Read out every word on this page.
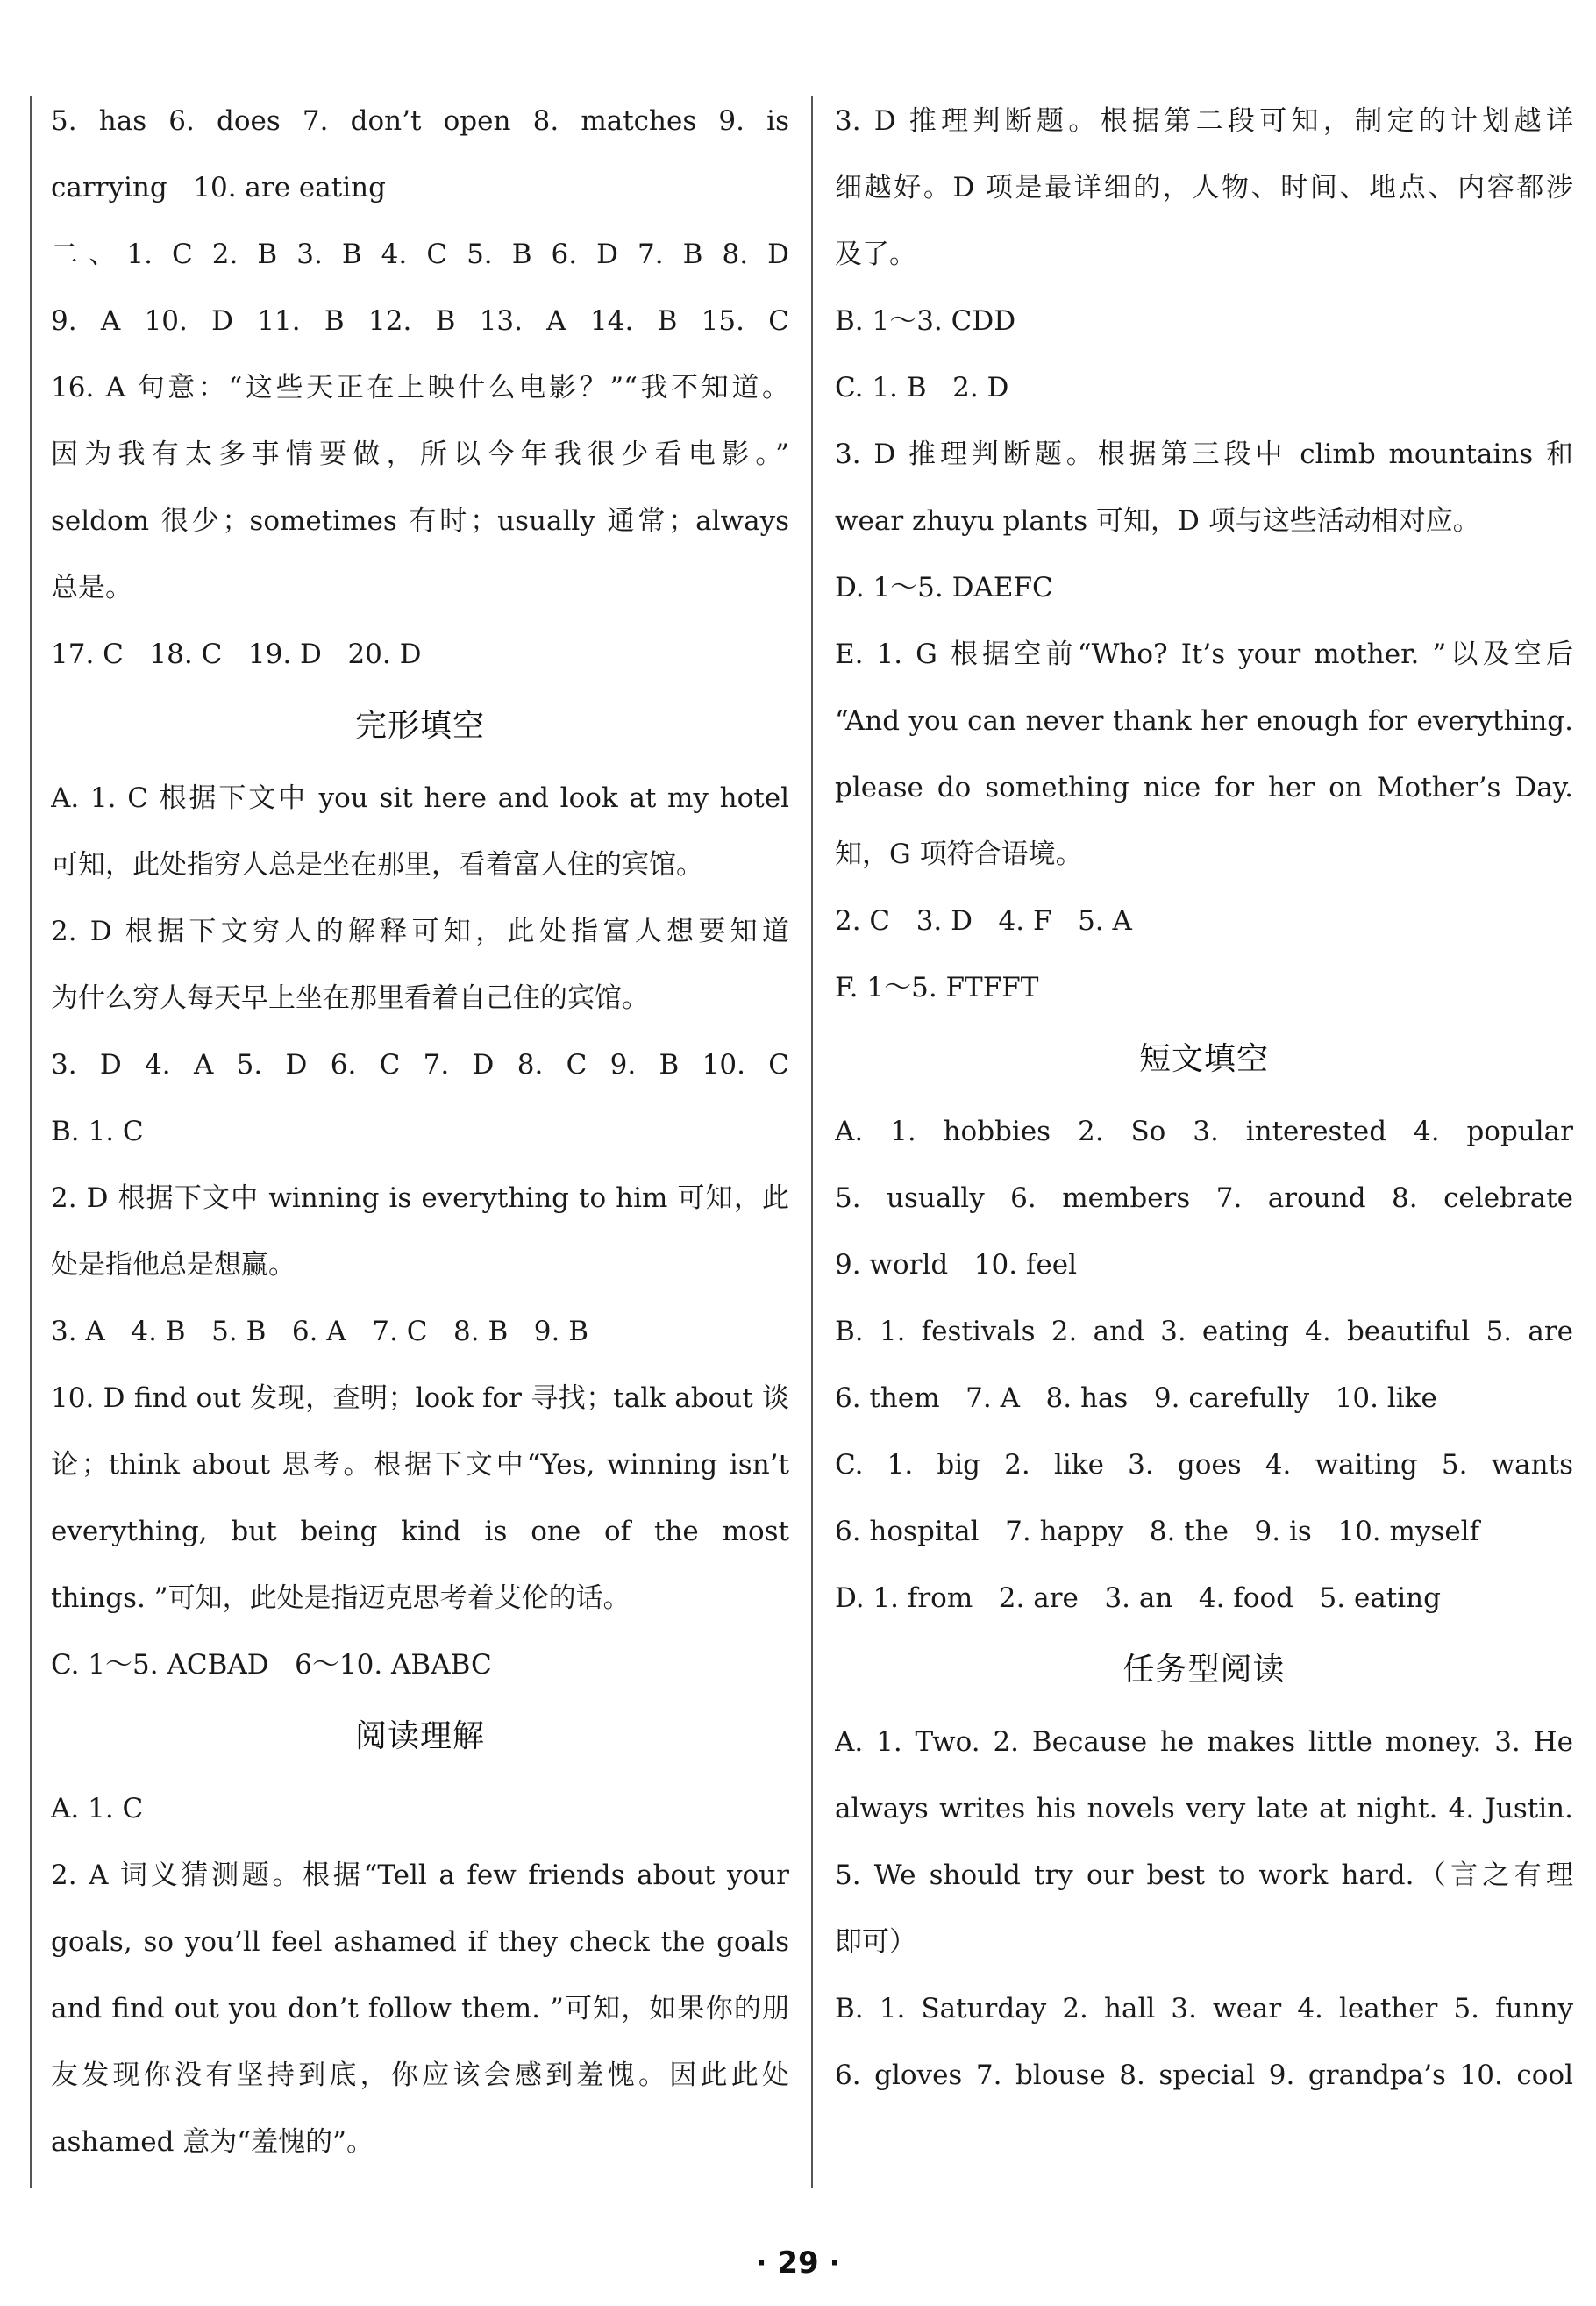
5. has 6. does 7. don’t open 8. matches 9. is
carrying   10. are eating
二、1. C 2. B 3. B 4. C 5. B 6. D 7. B 8. D
9. A 10. D 11. B 12. B 13. A 14. B 15. C
16. A 句意：“这些天正在上映什么电影？”“我不知道。
因为我有太多事情要做，所以今年我很少看电影。”
seldom 很少；sometimes 有时；usually 通常；always
总是。
17. C   18. C   19. D   20. D
完形填空
A. 1. C 根据下文中 you sit here and look at my hotel
可知，此处指穷人总是坐在那里，看着富人住的宾馆。
2. D 根据下文穷人的解释可知，此处指富人想要知道
为什么穷人每天早上坐在那里看着自己住的宾馆。
3. D 4. A 5. D 6. C 7. D 8. C 9. B 10. C
B. 1. C
2. D 根据下文中 winning is everything to him 可知，此
处是指他总是想赢。
3. A   4. B   5. B   6. A   7. C   8. B   9. B
10. D find out 发现，查明；look for 寻找；talk about 谈
论；think about 思考。根据下文中“Yes, winning isn’t
everything, but being kind is one of the most
things. ”可知，此处是指迈克思考着艾伦的话。
C. 1～5. ACBAD   6～10. ABABC
阅读理解
A. 1. C
2. A 词义猜测题。根据“Tell a few friends about your
goals, so you’ll feel ashamed if they check the goals
and find out you don’t follow them. ”可知，如果你的朋
友发现你没有坚持到底，你应该会感到羞愧。因此此处
ashamed 意为“羞愧的”。
3. D 推理判断题。根据第二段可知，制定的计划越详
细越好。D 项是最详细的，人物、时间、地点、内容都涉
及了。
B. 1～3. CDD
C. 1. B   2. D
3. D 推理判断题。根据第三段中 climb mountains 和
wear zhuyu plants 可知，D 项与这些活动相对应。
D. 1～5. DAEFC
E. 1. G 根据空前“Who? It’s your mother. ”以及空后
“And you can never thank her enough for everything.
please do something nice for her on Mother’s Day.
知，G 项符合语境。
2. C   3. D   4. F   5. A
F. 1～5. FTFFT
短文填空
A. 1. hobbies 2. So 3. interested 4. popular
5. usually 6. members 7. around 8. celebrate
9. world   10. feel
B. 1. festivals 2. and 3. eating 4. beautiful 5. are
6. them   7. A   8. has   9. carefully   10. like
C. 1. big 2. like 3. goes 4. waiting 5. wants
6. hospital   7. happy   8. the   9. is   10. myself
D. 1. from   2. are   3. an   4. food   5. eating
任务型阅读
A. 1. Two. 2. Because he makes little money. 3. He
always writes his novels very late at night. 4. Justin.
5. We should try our best to work hard.（言之有理
即可）
B. 1. Saturday 2. hall 3. wear 4. leather 5. funny
6. gloves 7. blouse 8. special 9. grandpa’s 10. cool
· 29 ·
